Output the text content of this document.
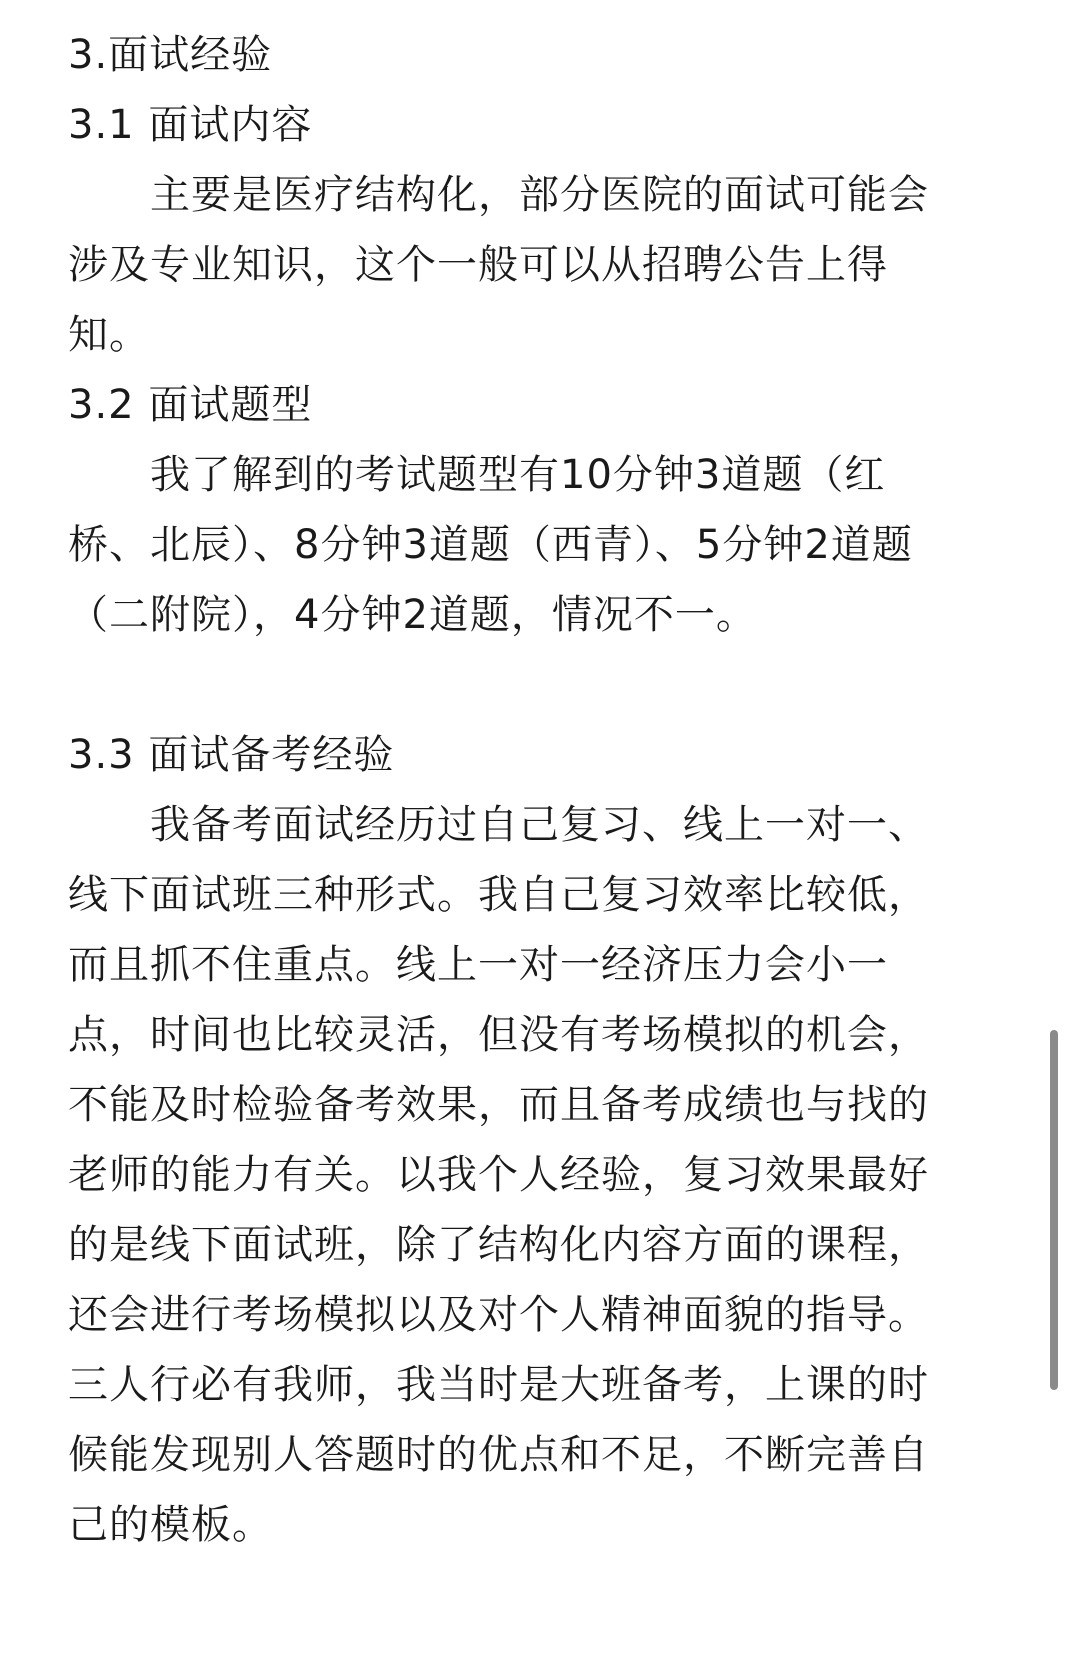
3.面试经验
3.1 面试内容
　　主要是医疗结构化，部分医院的面试可能会
涉及专业知识，这个一般可以从招聘公告上得
知。
3.2 面试题型
　　我了解到的考试题型有10分钟3道题（红
桥、北辰）、8分钟3道题（西青）、5分钟2道题
（二附院），4分钟2道题，情况不一。
3.3 面试备考经验
　　我备考面试经历过自己复习、线上一对一、
线下面试班三种形式。我自己复习效率比较低，
而且抓不住重点。线上一对一经济压力会小一
点，时间也比较灵活，但没有考场模拟的机会，
不能及时检验备考效果，而且备考成绩也与找的
老师的能力有关。以我个人经验，复习效果最好
的是线下面试班，除了结构化内容方面的课程，
还会进行考场模拟以及对个人精神面貌的指导。
三人行必有我师，我当时是大班备考，上课的时
候能发现别人答题时的优点和不足，不断完善自
己的模板。
